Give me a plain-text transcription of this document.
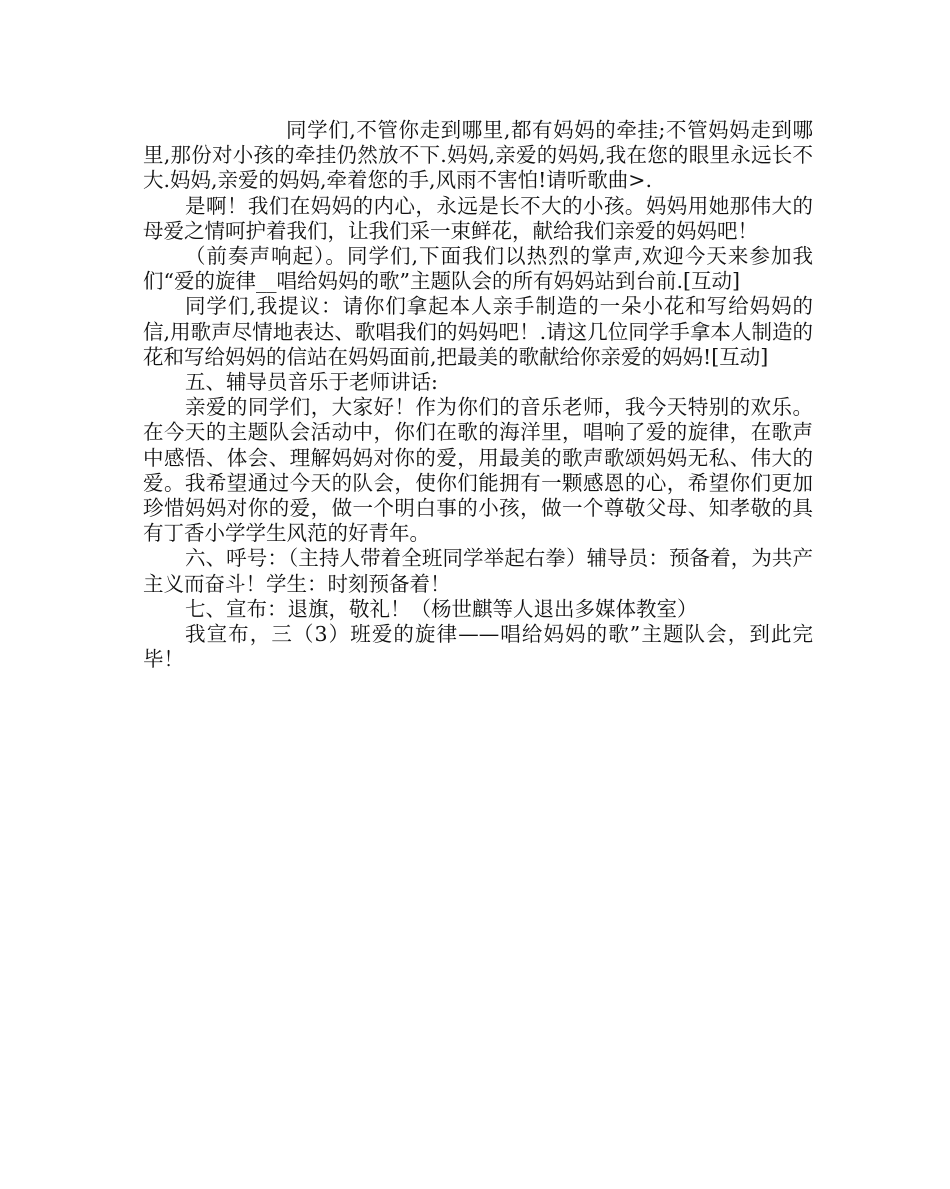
同学们,不管你走到哪里,都有妈妈的牵挂;不管妈妈走到哪里,那份对小孩的牵挂仍然放不下.妈妈,亲爱的妈妈,我在您的眼里永远长不大.妈妈,亲爱的妈妈,牵着您的手,风雨不害怕!请听歌曲>.

是啊！我们在妈妈的内心，永远是长不大的小孩。妈妈用她那伟大的母爱之情呵护着我们，让我们采一束鲜花，献给我们亲爱的妈妈吧！

（前奏声响起）。同学们,下面我们以热烈的掌声,欢迎今天来参加我们“爱的旋律__唱给妈妈的歌”主题队会的所有妈妈站到台前.[互动]

同学们,我提议：请你们拿起本人亲手制造的一朵小花和写给妈妈的信,用歌声尽情地表达、歌唱我们的妈妈吧！.请这几位同学手拿本人制造的花和写给妈妈的信站在妈妈面前,把最美的歌献给你亲爱的妈妈![互动]

五、辅导员音乐于老师讲话:

亲爱的同学们，大家好！作为你们的音乐老师，我今天特别的欢乐。在今天的主题队会活动中，你们在歌的海洋里，唱响了爱的旋律，在歌声中感悟、体会、理解妈妈对你的爱，用最美的歌声歌颂妈妈无私、伟大的爱。我希望通过今天的队会，使你们能拥有一颗感恩的心，希望你们更加珍惜妈妈对你的爱，做一个明白事的小孩，做一个尊敬父母、知孝敬的具有丁香小学学生风范的好青年。

六、呼号：（主持人带着全班同学举起右拳）辅导员：预备着，为共产主义而奋斗！学生：时刻预备着！

七、宣布：退旗，敬礼！（杨世麒等人退出多媒体教室）

我宣布，三（3）班爱的旋律——唱给妈妈的歌”主题队会，到此完毕！
